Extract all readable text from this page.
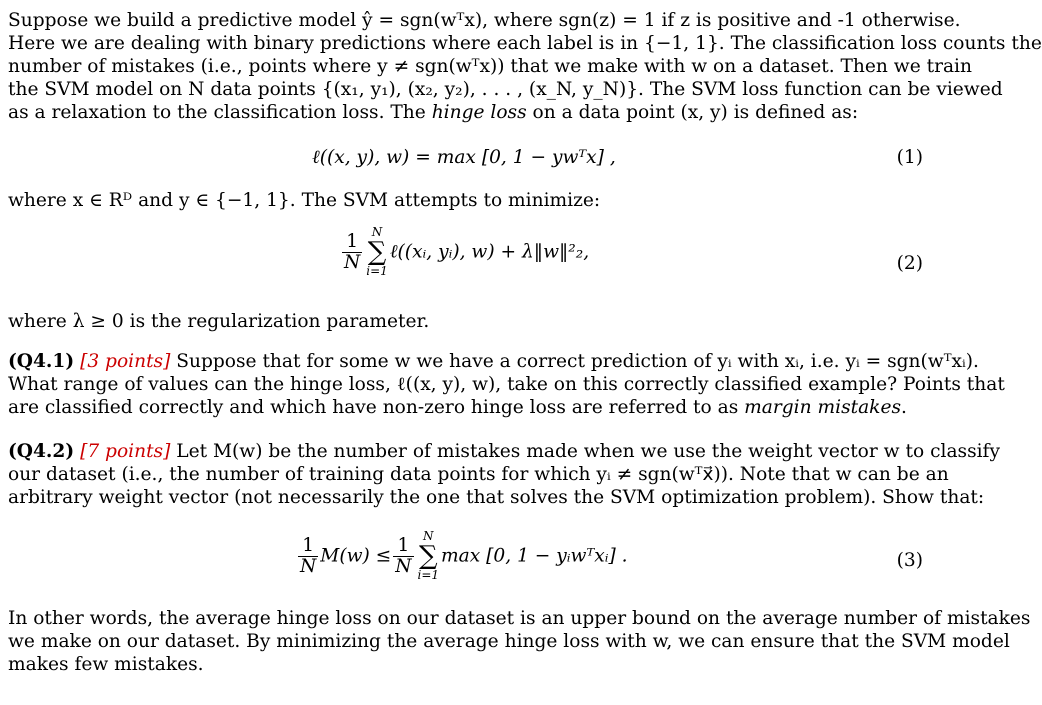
Suppose we build a predictive model ŷ = sgn(wᵀx), where sgn(z) = 1 if z is positive and -1 otherwise.
Here we are dealing with binary predictions where each label is in {−1, 1}. The classification loss counts the
number of mistakes (i.e., points where y ≠ sgn(wᵀx)) that we make with w on a dataset. Then we train
the SVM model on N data points {(x₁, y₁), (x₂, y₂), . . . , (x_N, y_N)}. The SVM loss function can be viewed
as a relaxation to the classification loss. The hinge loss on a data point (x, y) is defined as:
ℓ((x, y), w) = max [0, 1 − ywᵀx] ,	(1)
where x ∈ Rᴰ and y ∈ {−1, 1}. The SVM attempts to minimize:
$\frac{1}{N}$ N
∑
i=1
ℓ((xᵢ, yᵢ), w) + λ‖w‖²₂,
(2)
where λ ≥ 0 is the regularization parameter.
(Q4.1) [3 points] Suppose that for some w we have a correct prediction of yᵢ with xᵢ, i.e. yᵢ = sgn(wᵀxᵢ).
What range of values can the hinge loss, ℓ((x, y), w), take on this correctly classified example? Points that
are classified correctly and which have non-zero hinge loss are referred to as margin mistakes.
(Q4.2) [7 points] Let M(w) be the number of mistakes made when we use the weight vector w to classify
our dataset (i.e., the number of training data points for which yᵢ ≠ sgn(wᵀx⃗)). Note that w can be an
arbitrary weight vector (not necessarily the one that solves the SVM optimization problem). Show that:
$\frac{1}{N} M(w) \le \frac{1}{N}$ N
∑
i=1
max [0, 1 − yᵢwᵀxᵢ] .	(3)
In other words, the average hinge loss on our dataset is an upper bound on the average number of mistakes
we make on our dataset. By minimizing the average hinge loss with w, we can ensure that the SVM model
makes few mistakes.
